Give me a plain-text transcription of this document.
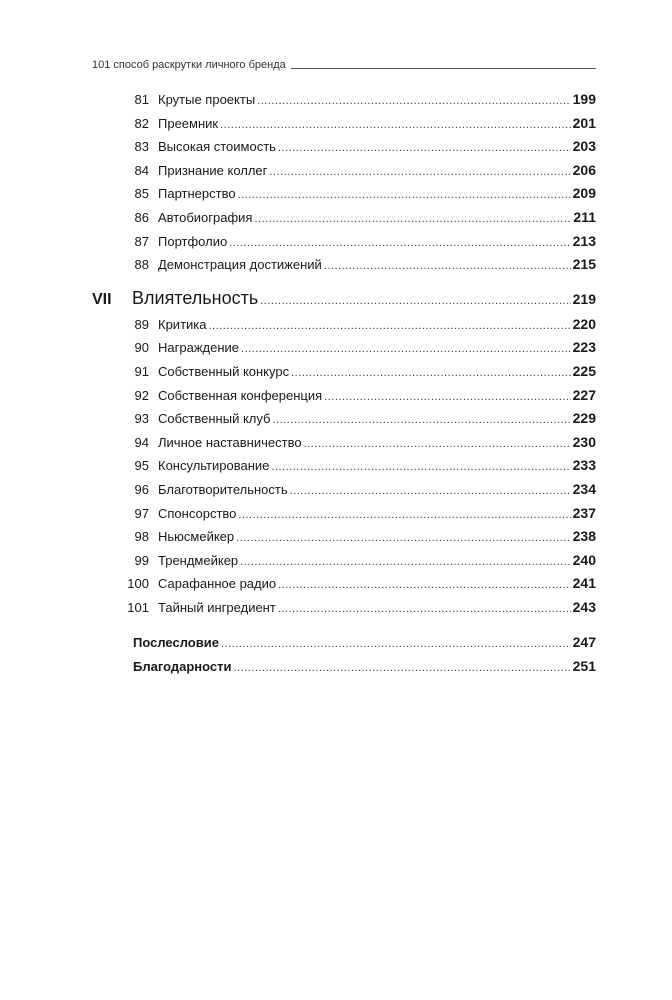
101 способ раскрутки личного бренда
81 Крутые проекты .....	199
82 Преемник .....	201
83 Высокая стоимость .....	203
84 Признание коллег .....	206
85 Партнерство .....	209
86 Автобиография .....	211
87 Портфолио .....	213
88 Демонстрация достижений .....	215
VII	Влиятельность .....	219
89 Критика .....	220
90 Награждение .....	223
91 Собственный конкурс .....	225
92 Собственная конференция .....	227
93 Собственный клуб .....	229
94 Личное наставничество .....	230
95 Консультирование .....	233
96 Благотворительность .....	234
97 Спонсорство .....	237
98 Ньюсмейкер .....	238
99 Трендмейкер .....	240
100 Сарафанное радио .....	241
101 Тайный ингредиент .....	243
Послесловие .....	247
Благодарности .....	251
